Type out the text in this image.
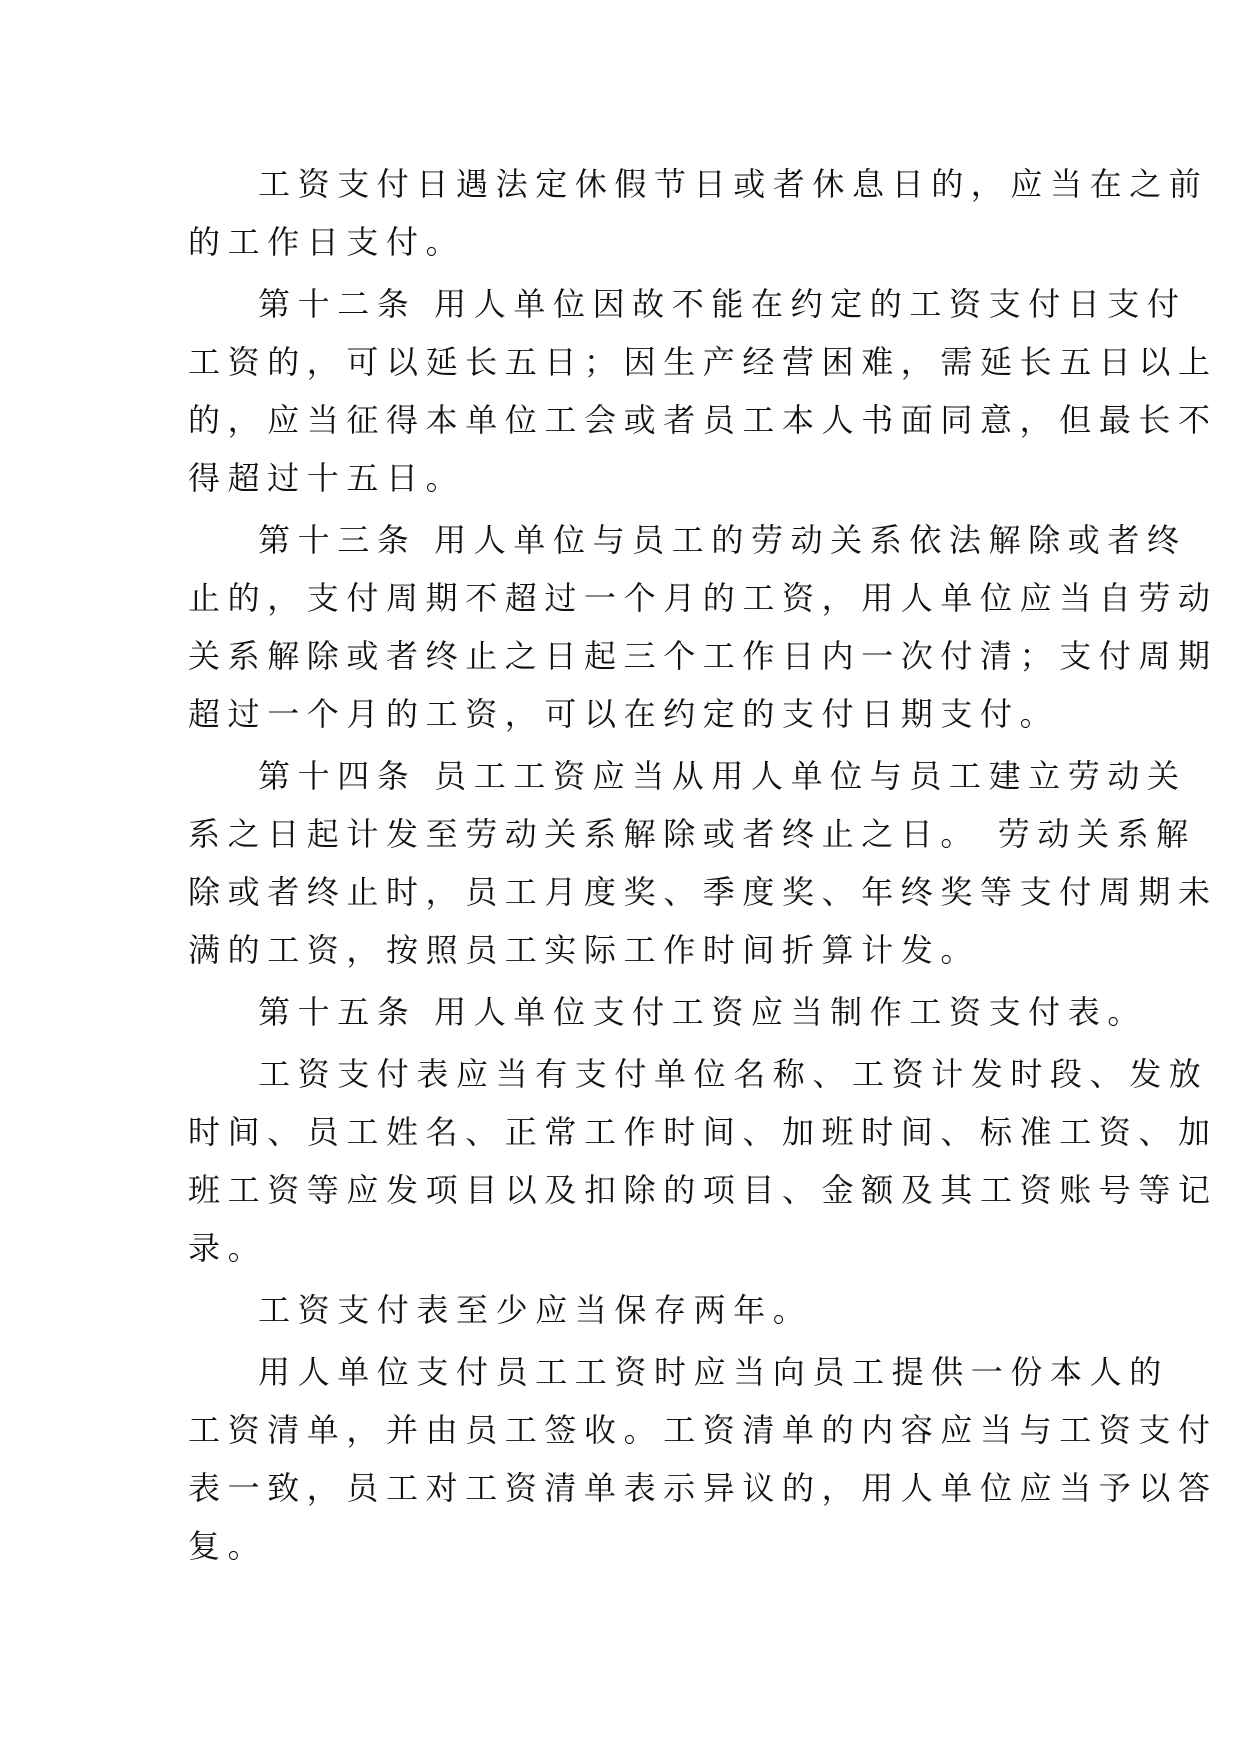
工资支付日遇法定休假节日或者休息日的，应当在之前
的工作日支付。

第十二条 用人单位因故不能在约定的工资支付日支付
工资的，可以延长五日；因生产经营困难，需延长五日以上
的，应当征得本单位工会或者员工本人书面同意，但最长不
得超过十五日。

第十三条 用人单位与员工的劳动关系依法解除或者终
止的，支付周期不超过一个月的工资，用人单位应当自劳动
关系解除或者终止之日起三个工作日内一次付清；支付周期
超过一个月的工资，可以在约定的支付日期支付。

第十四条 员工工资应当从用人单位与员工建立劳动关
系之日起计发至劳动关系解除或者终止之日。 劳动关系解
除或者终止时，员工月度奖、季度奖、年终奖等支付周期未
满的工资，按照员工实际工作时间折算计发。

第十五条 用人单位支付工资应当制作工资支付表。

工资支付表应当有支付单位名称、工资计发时段、发放
时间、员工姓名、正常工作时间、加班时间、标准工资、加
班工资等应发项目以及扣除的项目、金额及其工资账号等记
录。

工资支付表至少应当保存两年。

用人单位支付员工工资时应当向员工提供一份本人的
工资清单，并由员工签收。工资清单的内容应当与工资支付
表一致，员工对工资清单表示异议的，用人单位应当予以答
复。
